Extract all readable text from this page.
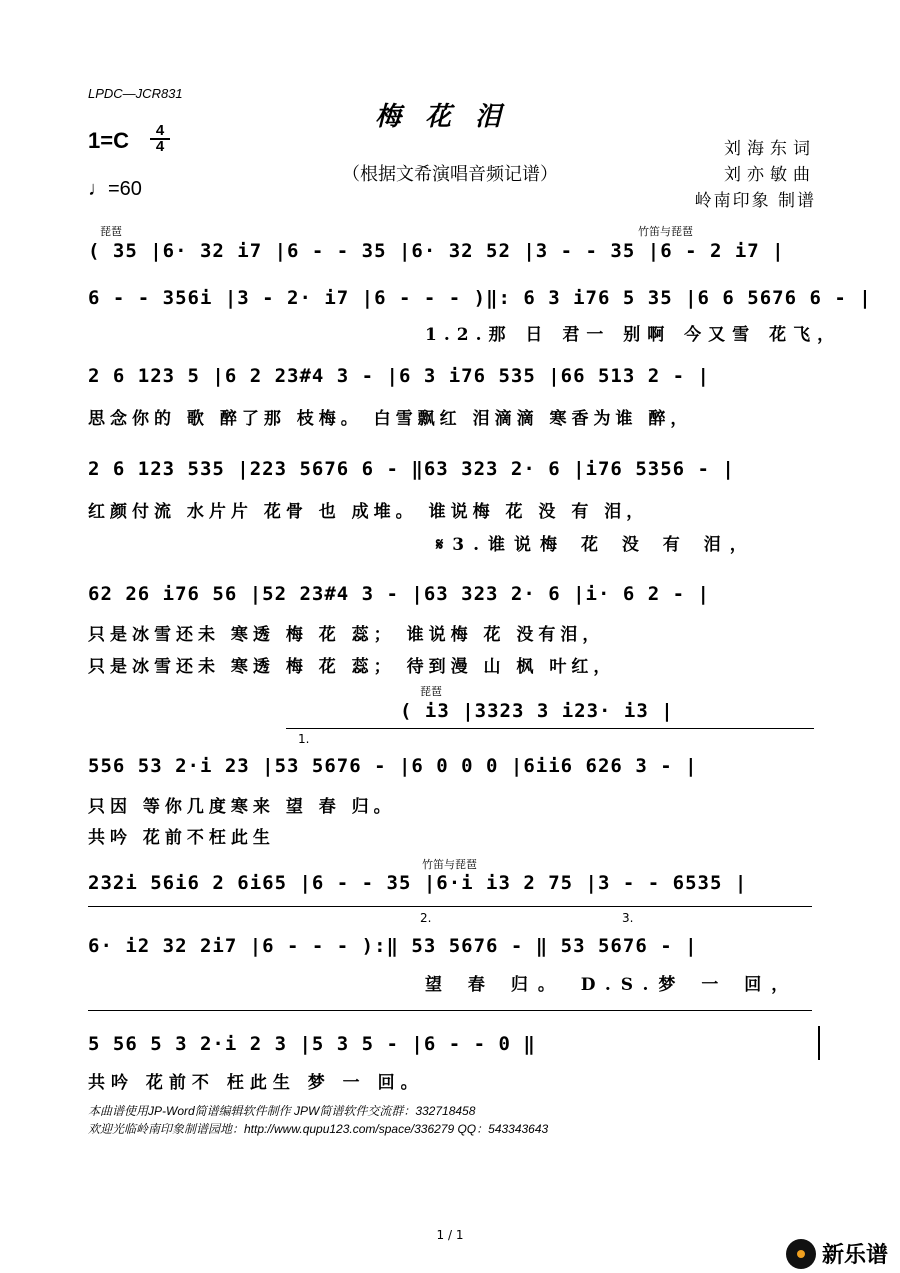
LPDC—JCR831
梅花泪
$1=C \frac{4}{4}$
♩=60
（根据文希演唱音频记谱）
刘海东词
刘亦敏曲
岭南印象 制谱
琵琶	竹笛与琵琶
( 35 |6· 32 i7 |6 - - 35 |6· 32 52 |3 - - 35 |6 - 2 i7 |
6 - - 356i |3 - 2· i7 |6 - - - )‖: 6 3 i76 5 35 |6 6 5676 6 - |
1.2.那 日 君一 别啊 今又雪 花飞，
2 6 123 5 |6 2 23#4 3 - |6 3 i76 535 |66 513 2 - |
思念你的 歌 醉了那 枝梅。 白雪飘红 泪滴滴 寒香为谁 醉，
2 6 123 535 |223 5676 6 - ‖63 323 2· 6 |i76 5356 - |
红颜付流 水片片 花骨 也 成堆。 谁说梅 花 没 有 泪，
𝄋3.谁说梅 花 没 有 泪，
62 26 i76 56 |52 23#4 3 - |63 323 2· 6 |i· 6 2 - |
只是冰雪还未 寒透 梅 花 蕊； 谁说梅 花 没有泪，
只是冰雪还未 寒透 梅 花 蕊； 待到漫 山 枫 叶红，
琵琶
( i3 |3323 3 i23· i3 |
1.
556 53 2·i 23 |53 5676 - |6 0 0 0 |6ii6 626 3 - |
只因 等你几度寒来 望 春 归。
共吟 花前不枉此生
竹笛与琵琶
232i 56i6 2 6i65 |6 - - 35 |6·i i3 2 75 |3 - - 6535 |
2.	3.
6· i2 32 2i7 |6 - - - ):‖ 53 5676 - ‖ 53 5676 - |
望 春 归。 D.S.梦 一 回，
5 56 5 3 2·i 2 3 |5 3 5 - |6 - - 0 ‖
共吟 花前不 枉此生 梦 一 回。
本曲谱使用JP-Word简谱编辑软件制作 JPW简谱软件交流群：332718458
欢迎光临岭南印象制谱园地：http://www.qupu123.com/space/336279 QQ：543343643
1 / 1
新乐谱
